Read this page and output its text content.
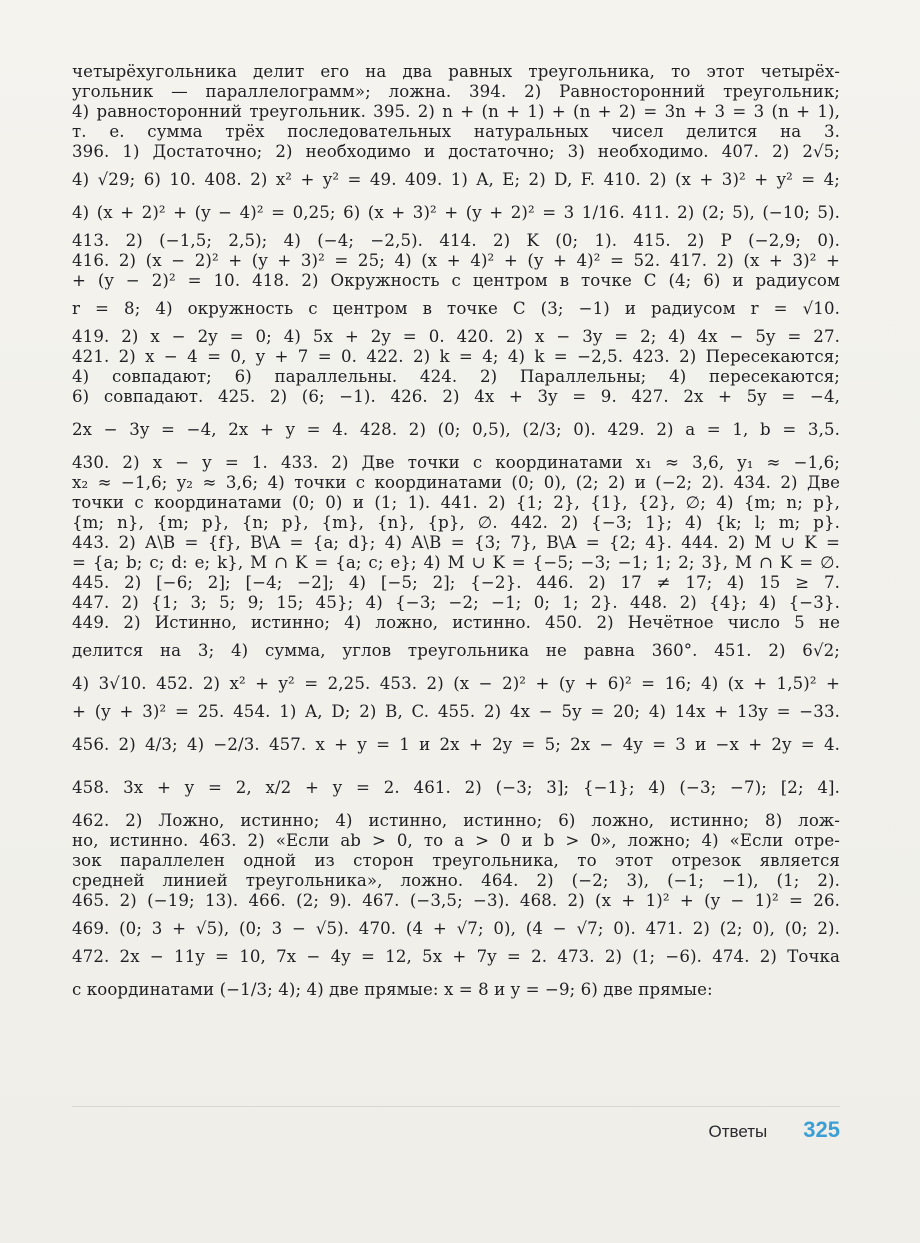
четырёхугольника делит его на два равных треугольника, то этот четырёх-

угольник — параллелограмм»; ложна. 394. 2) Равносторонний треугольник;

4) равносторонний треугольник. 395. 2) n + (n + 1) + (n + 2) = 3n + 3 = 3 (n + 1),

т. е. сумма трёх последовательных натуральных чисел делится на 3.

396. 1) Достаточно; 2) необходимо и достаточно; 3) необходимо. 407. 2) 2√5;

4) √29; 6) 10. 408. 2) x² + y² = 49. 409. 1) A, E; 2) D, F. 410. 2) (x + 3)² + y² = 4;

4) (x + 2)² + (y − 4)² = 0,25; 6) (x + 3)² + (y + 2)² = 3 1/16. 411. 2) (2; 5), (−10; 5).

413. 2) (−1,5; 2,5); 4) (−4; −2,5). 414. 2) K (0; 1). 415. 2) P (−2,9; 0).

416. 2) (x − 2)² + (y + 3)² = 25; 4) (x + 4)² + (y + 4)² = 52. 417. 2) (x + 3)² +

+ (y − 2)² = 10. 418. 2) Окружность с центром в точке C (4; 6) и радиусом

r = 8; 4) окружность с центром в точке C (3; −1) и радиусом r = √10.

419. 2) x − 2y = 0; 4) 5x + 2y = 0. 420. 2) x − 3y = 2; 4) 4x − 5y = 27.

421. 2) x − 4 = 0, y + 7 = 0. 422. 2) k = 4; 4) k = −2,5. 423. 2) Пересекаются;

4) совпадают; 6) параллельны. 424. 2) Параллельны; 4) пересекаются;

6) совпадают. 425. 2) (6; −1). 426. 2) 4x + 3y = 9. 427. 2x + 5y = −4,

2x − 3y = −4, 2x + y = 4. 428. 2) (0; 0,5), (2/3; 0). 429. 2) a = 1, b = 3,5.

430. 2) x − y = 1. 433. 2) Две точки с координатами x₁ ≈ 3,6, y₁ ≈ −1,6;

x₂ ≈ −1,6; y₂ ≈ 3,6; 4) точки с координатами (0; 0), (2; 2) и (−2; 2). 434. 2) Две

точки с координатами (0; 0) и (1; 1). 441. 2) {1; 2}, {1}, {2}, ∅; 4) {m; n; p},

{m; n}, {m; p}, {n; p}, {m}, {n}, {p}, ∅. 442. 2) {−3; 1}; 4) {k; l; m; p}.

443. 2) A\B = {f}, B\A = {a; d}; 4) A\B = {3; 7}, B\A = {2; 4}. 444. 2) M ∪ K =

= {a; b; c; d: e; k}, M ∩ K = {a; c; e}; 4) M ∪ K = {−5; −3; −1; 1; 2; 3}, M ∩ K = ∅.

445. 2) [−6; 2]; [−4; −2]; 4) [−5; 2]; {−2}. 446. 2) 17 ≠ 17; 4) 15 ≥ 7.

447. 2) {1; 3; 5; 9; 15; 45}; 4) {−3; −2; −1; 0; 1; 2}. 448. 2) {4}; 4) {−3}.

449. 2) Истинно, истинно; 4) ложно, истинно. 450. 2) Нечётное число 5 не

делится на 3; 4) сумма, углов треугольника не равна 360°. 451. 2) 6√2;

4) 3√10. 452. 2) x² + y² = 2,25. 453. 2) (x − 2)² + (y + 6)² = 16; 4) (x + 1,5)² +

+ (y + 3)² = 25. 454. 1) A, D; 2) B, C. 455. 2) 4x − 5y = 20; 4) 14x + 13y = −33.

456. 2) 4/3; 4) −2/3. 457. x + y = 1 и 2x + 2y = 5; 2x − 4y = 3 и −x + 2y = 4.

458. 3x + y = 2, x/2 + y = 2. 461. 2) (−3; 3]; {−1}; 4) (−3; −7); [2; 4].

462. 2) Ложно, истинно; 4) истинно, истинно; 6) ложно, истинно; 8) лож-

но, истинно. 463. 2) «Если ab > 0, то a > 0 и b > 0», ложно; 4) «Если отре-

зок параллелен одной из сторон треугольника, то этот отрезок является

средней линией треугольника», ложно. 464. 2) (−2; 3), (−1; −1), (1; 2).

465. 2) (−19; 13). 466. (2; 9). 467. (−3,5; −3). 468. 2) (x + 1)² + (y − 1)² = 26.

469. (0; 3 + √5), (0; 3 − √5). 470. (4 + √7; 0), (4 − √7; 0). 471. 2) (2; 0), (0; 2).

472. 2x − 11y = 10, 7x − 4y = 12, 5x + 7y = 2. 473. 2) (1; −6). 474. 2) Точка

с координатами (−1/3; 4); 4) две прямые: x = 8 и y = −9; 6) две прямые:

Ответы 325
